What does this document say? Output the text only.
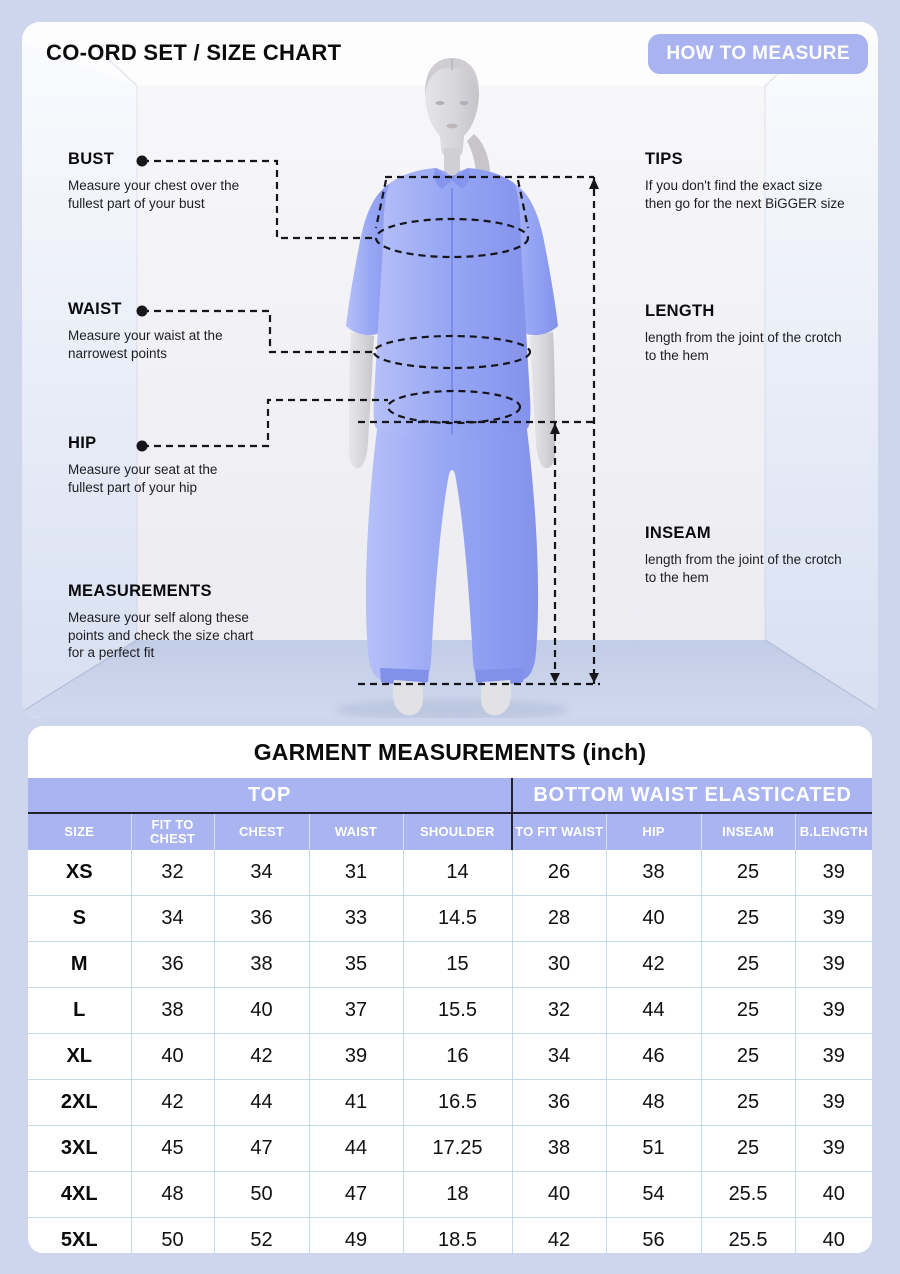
CO-ORD SET / SIZE CHART	HOW TO MEASURE
BUST

Measure your chest over the fullest part of your bust

WAIST

Measure your waist at the narrowest points

HIP

Measure your seat at the fullest part of your hip

MEASUREMENTS

Measure your self along these points and check the size chart for a perfect fit

TIPS

If you don't find the exact size then go for the next BiGGER size

LENGTH

length from the joint of the crotch to the hem

INSEAM

length from the joint of the crotch to the hem

GARMENT MEASUREMENTS (inch)
TOP					BOTTOM WAIST ELASTICATED			
SIZE	FIT TO CHEST	CHEST	WAIST	SHOULDER	TO FIT WAIST	HIP	INSEAM	B.LENGTH
XS	32	34	31	14	26	38	25	39
S	34	36	33	14.5	28	40	25	39
M	36	38	35	15	30	42	25	39
L	38	40	37	15.5	32	44	25	39
XL	40	42	39	16	34	46	25	39
2XL	42	44	41	16.5	36	48	25	39
3XL	45	47	44	17.25	38	51	25	39
4XL	48	50	47	18	40	54	25.5	40
5XL	50	52	49	18.5	42	56	25.5	40
